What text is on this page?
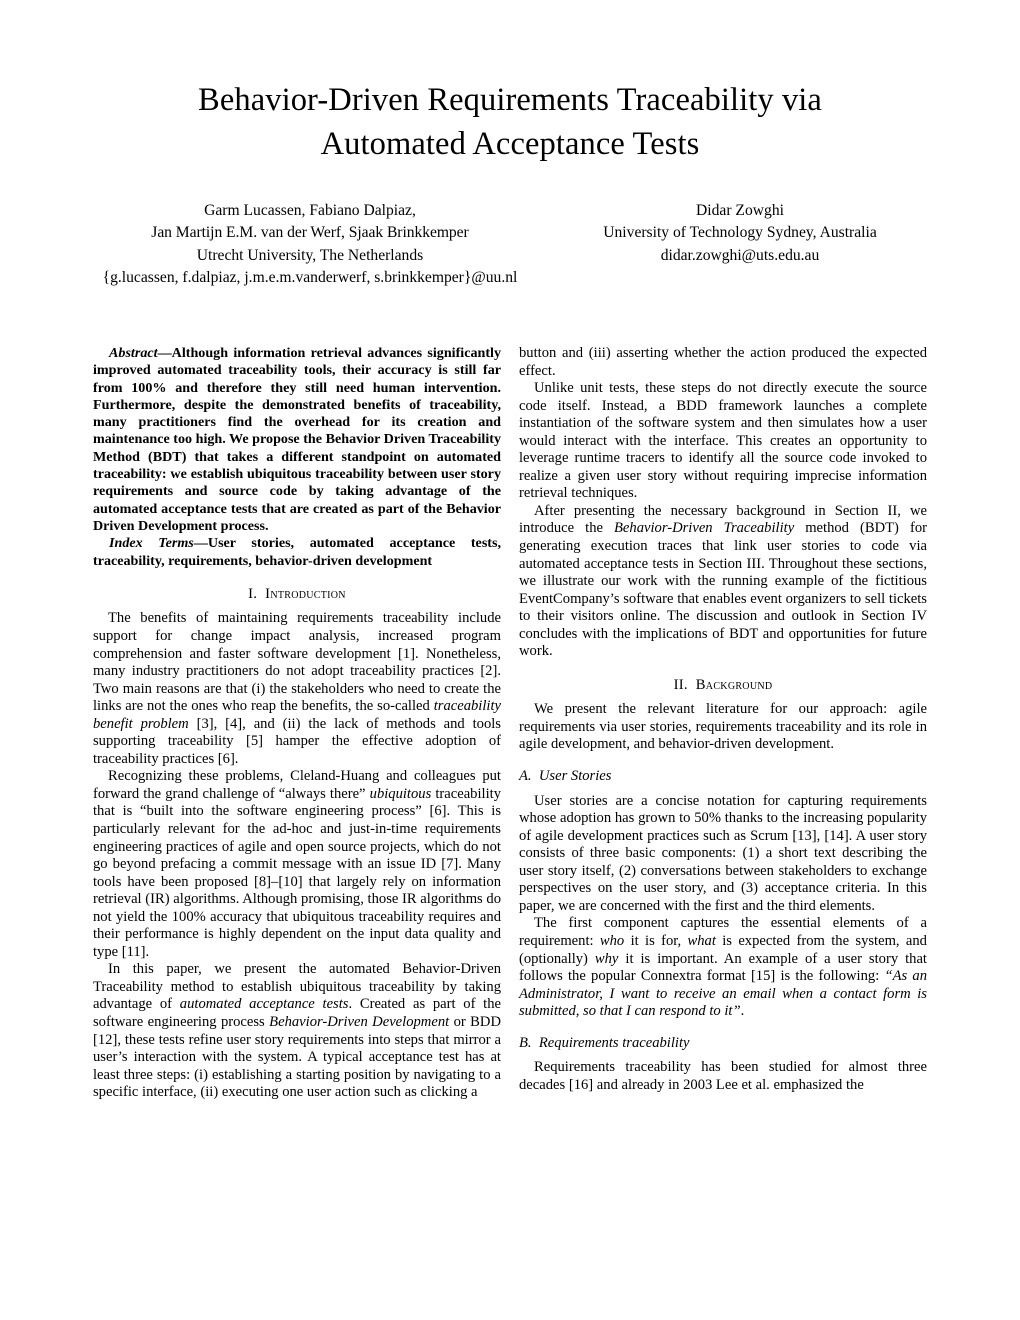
Behavior-Driven Requirements Traceability via
Automated Acceptance Tests
Garm Lucassen, Fabiano Dalpiaz,
Jan Martijn E.M. van der Werf, Sjaak Brinkkemper
Utrecht University, The Netherlands
{g.lucassen, f.dalpiaz, j.m.e.m.vanderwerf, s.brinkkemper}@uu.nl
Didar Zowghi
University of Technology Sydney, Australia
didar.zowghi@uts.edu.au

Abstract—Although information retrieval advances significantly improved automated traceability tools, their accuracy is still far from 100% and therefore they still need human intervention. Furthermore, despite the demonstrated benefits of traceability, many practitioners find the overhead for its creation and maintenance too high. We propose the Behavior Driven Traceability Method (BDT) that takes a different standpoint on automated traceability: we establish ubiquitous traceability between user story requirements and source code by taking advantage of the automated acceptance tests that are created as part of the Behavior Driven Development process.

Index Terms—User stories, automated acceptance tests, traceability, requirements, behavior-driven development

I. Introduction

The benefits of maintaining requirements traceability include support for change impact analysis, increased program comprehension and faster software development [1]. Nonetheless, many industry practitioners do not adopt traceability practices [2]. Two main reasons are that (i) the stakeholders who need to create the links are not the ones who reap the benefits, the so-called traceability benefit problem [3], [4], and (ii) the lack of methods and tools supporting traceability [5] hamper the effective adoption of traceability practices [6].

Recognizing these problems, Cleland-Huang and colleagues put forward the grand challenge of “always there” ubiquitous traceability that is “built into the software engineering process” [6]. This is particularly relevant for the ad-hoc and just-in-time requirements engineering practices of agile and open source projects, which do not go beyond prefacing a commit message with an issue ID [7]. Many tools have been proposed [8]–[10] that largely rely on information retrieval (IR) algorithms. Although promising, those IR algorithms do not yield the 100% accuracy that ubiquitous traceability requires and their performance is highly dependent on the input data quality and type [11].

In this paper, we present the automated Behavior-Driven Traceability method to establish ubiquitous traceability by taking advantage of automated acceptance tests. Created as part of the software engineering process Behavior-Driven Development or BDD [12], these tests refine user story requirements into steps that mirror a user’s interaction with the system. A typical acceptance test has at least three steps: (i) establishing a starting position by navigating to a specific interface, (ii) executing one user action such as clicking a

button and (iii) asserting whether the action produced the expected effect.

Unlike unit tests, these steps do not directly execute the source code itself. Instead, a BDD framework launches a complete instantiation of the software system and then simulates how a user would interact with the interface. This creates an opportunity to leverage runtime tracers to identify all the source code invoked to realize a given user story without requiring imprecise information retrieval techniques.

After presenting the necessary background in Section II, we introduce the Behavior-Driven Traceability method (BDT) for generating execution traces that link user stories to code via automated acceptance tests in Section III. Throughout these sections, we illustrate our work with the running example of the fictitious EventCompany’s software that enables event organizers to sell tickets to their visitors online. The discussion and outlook in Section IV concludes with the implications of BDT and opportunities for future work.

II. Background

We present the relevant literature for our approach: agile requirements via user stories, requirements traceability and its role in agile development, and behavior-driven development.

A. User Stories

User stories are a concise notation for capturing requirements whose adoption has grown to 50% thanks to the increasing popularity of agile development practices such as Scrum [13], [14]. A user story consists of three basic components: (1) a short text describing the user story itself, (2) conversations between stakeholders to exchange perspectives on the user story, and (3) acceptance criteria. In this paper, we are concerned with the first and the third elements.

The first component captures the essential elements of a requirement: who it is for, what is expected from the system, and (optionally) why it is important. An example of a user story that follows the popular Connextra format [15] is the following: “As an Administrator, I want to receive an email when a contact form is submitted, so that I can respond to it”.

B. Requirements traceability

Requirements traceability has been studied for almost three decades [16] and already in 2003 Lee et al. emphasized the
